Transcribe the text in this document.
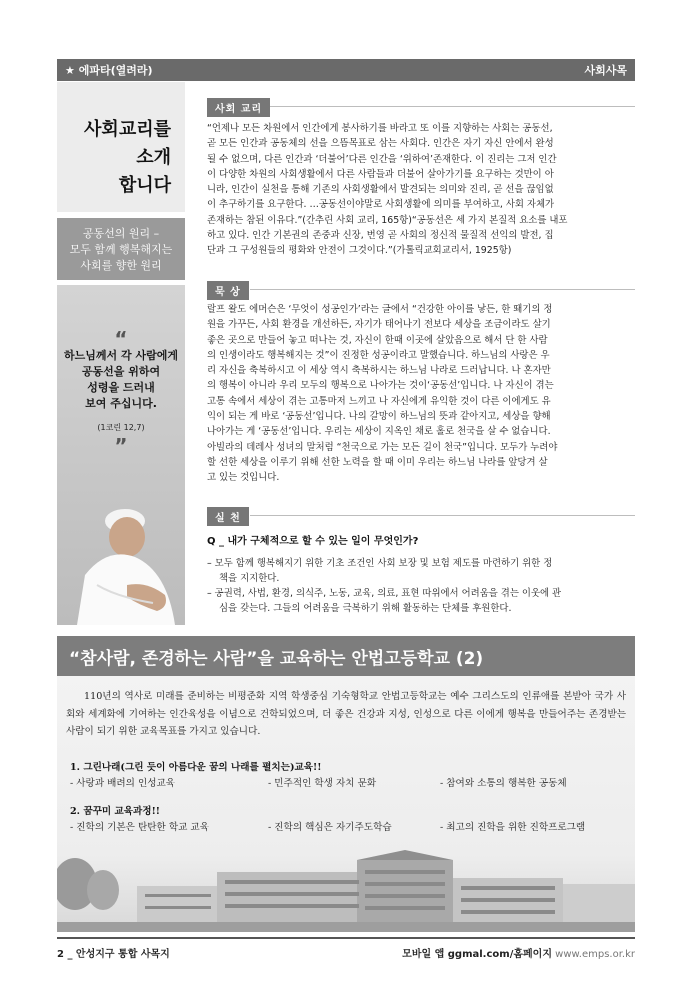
★ 에파타(열려라)	사회사목
사회교리를
소개
합니다
공동선의 원리 –
모두 함께 행복해지는
사회를 향한 원리
“
하느님께서 각 사람에게
공동선을 위하여
성령을 드러내
보여 주십니다.
(1코린 12,7)
”
사회 교리
“언제나 모든 차원에서 인간에게 봉사하기를 바라고 또 이를 지향하는 사회는 공동선,
곧 모든 인간과 공동체의 선을 으뜸목표로 삼는 사회다. 인간은 자기 자신 안에서 완성
될 수 없으며, 다른 인간과 ‘더불어’다른 인간을 ‘위하여’존재한다. 이 진리는 그저 인간
이 다양한 차원의 사회생활에서 다른 사람들과 더불어 살아가기를 요구하는 것만이 아
니라, 인간이 실천을 통해 기존의 사회생활에서 발견되는 의미와 진리, 곧 선을 끊임없
이 추구하기를 요구한다. …공동선이야말로 사회생활에 의미를 부여하고, 사회 자체가
존재하는 참된 이유다.”(간추린 사회 교리, 165항)“공동선은 세 가지 본질적 요소를 내포
하고 있다. 인간 기본권의 존중과 신장, 번영 곧 사회의 정신적 물질적 선익의 발전, 집
단과 그 구성원들의 평화와 안전이 그것이다.”(가톨릭교회교리서, 1925항)
묵 상
랄프 왈도 에머슨은 ‘무엇이 성공인가’라는 글에서 “건강한 아이를 낳든, 한 뙈기의 정
원을 가꾸든, 사회 환경을 개선하든, 자기가 태어나기 전보다 세상을 조금이라도 살기
좋은 곳으로 만들어 놓고 떠나는 것, 자신이 한때 이곳에 살았음으로 해서 단 한 사람
의 인생이라도 행복해지는 것”이 진정한 성공이라고 말했습니다. 하느님의 사랑은 우
리 자신을 축복하시고 이 세상 역시 축복하시는 하느님 나라로 드러납니다. 나 혼자만
의 행복이 아니라 우리 모두의 행복으로 나아가는 것이‘공동선’입니다. 나 자신이 겪는
고통 속에서 세상이 겪는 고통마저 느끼고 나 자신에게 유익한 것이 다른 이에게도 유
익이 되는 게 바로 ‘공동선’입니다. 나의 갈망이 하느님의 뜻과 같아지고, 세상을 향해
나아가는 게 ‘공동선’입니다. 우리는 세상이 지옥인 채로 홀로 천국을 살 수 없습니다.
아빌라의 데레사 성녀의 말처럼 “천국으로 가는 모든 길이 천국”입니다. 모두가 누려야
할 선한 세상을 이루기 위해 선한 노력을 할 때 이미 우리는 하느님 나라를 앞당겨 살
고 있는 것입니다.
실 천
Q _ 내가 구체적으로 할 수 있는 일이 무엇인가?
– 모두 함께 행복해지기 위한 기초 조건인 사회 보장 및 보험 제도를 마련하기 위한 정
책을 지지한다.
– 공권력, 사법, 환경, 의식주, 노동, 교육, 의료, 표현 따위에서 어려움을 겪는 이웃에 관
심을 갖는다. 그들의 어려움을 극복하기 위해 활동하는 단체를 후원한다.
“참사람, 존경하는 사람”을 교육하는 안법고등학교 (2)
110년의 역사로 미래를 준비하는 비평준화 지역 학생중심 기숙형학교 안법고등학교는 예수 그리스도의 인류애를 본받아 국가 사회와 세계화에 기여하는 인간육성을 이념으로 건학되었으며, 더 좋은 건강과 지성, 인성으로 다른 이에게 행복을 만들어주는 존경받는 사람이 되기 위한 교육목표를 가지고 있습니다.
1. 그린나래(그린 듯이 아름다운 꿈의 나래를 펼치는)교육!!
- 사랑과 배려의 인성교육	- 민주적인 학생 자치 문화	- 참여와 소통의 행복한 공동체
2. 꿈꾸미 교육과정!!
- 진학의 기본은 탄탄한 학교 교육	- 진학의 핵심은 자기주도학습	- 최고의 진학을 위한 진학프로그램
2 _ 안성지구 통합 사목지	모바일 앱 ggmal.com/홈페이지 www.emps.or.kr
